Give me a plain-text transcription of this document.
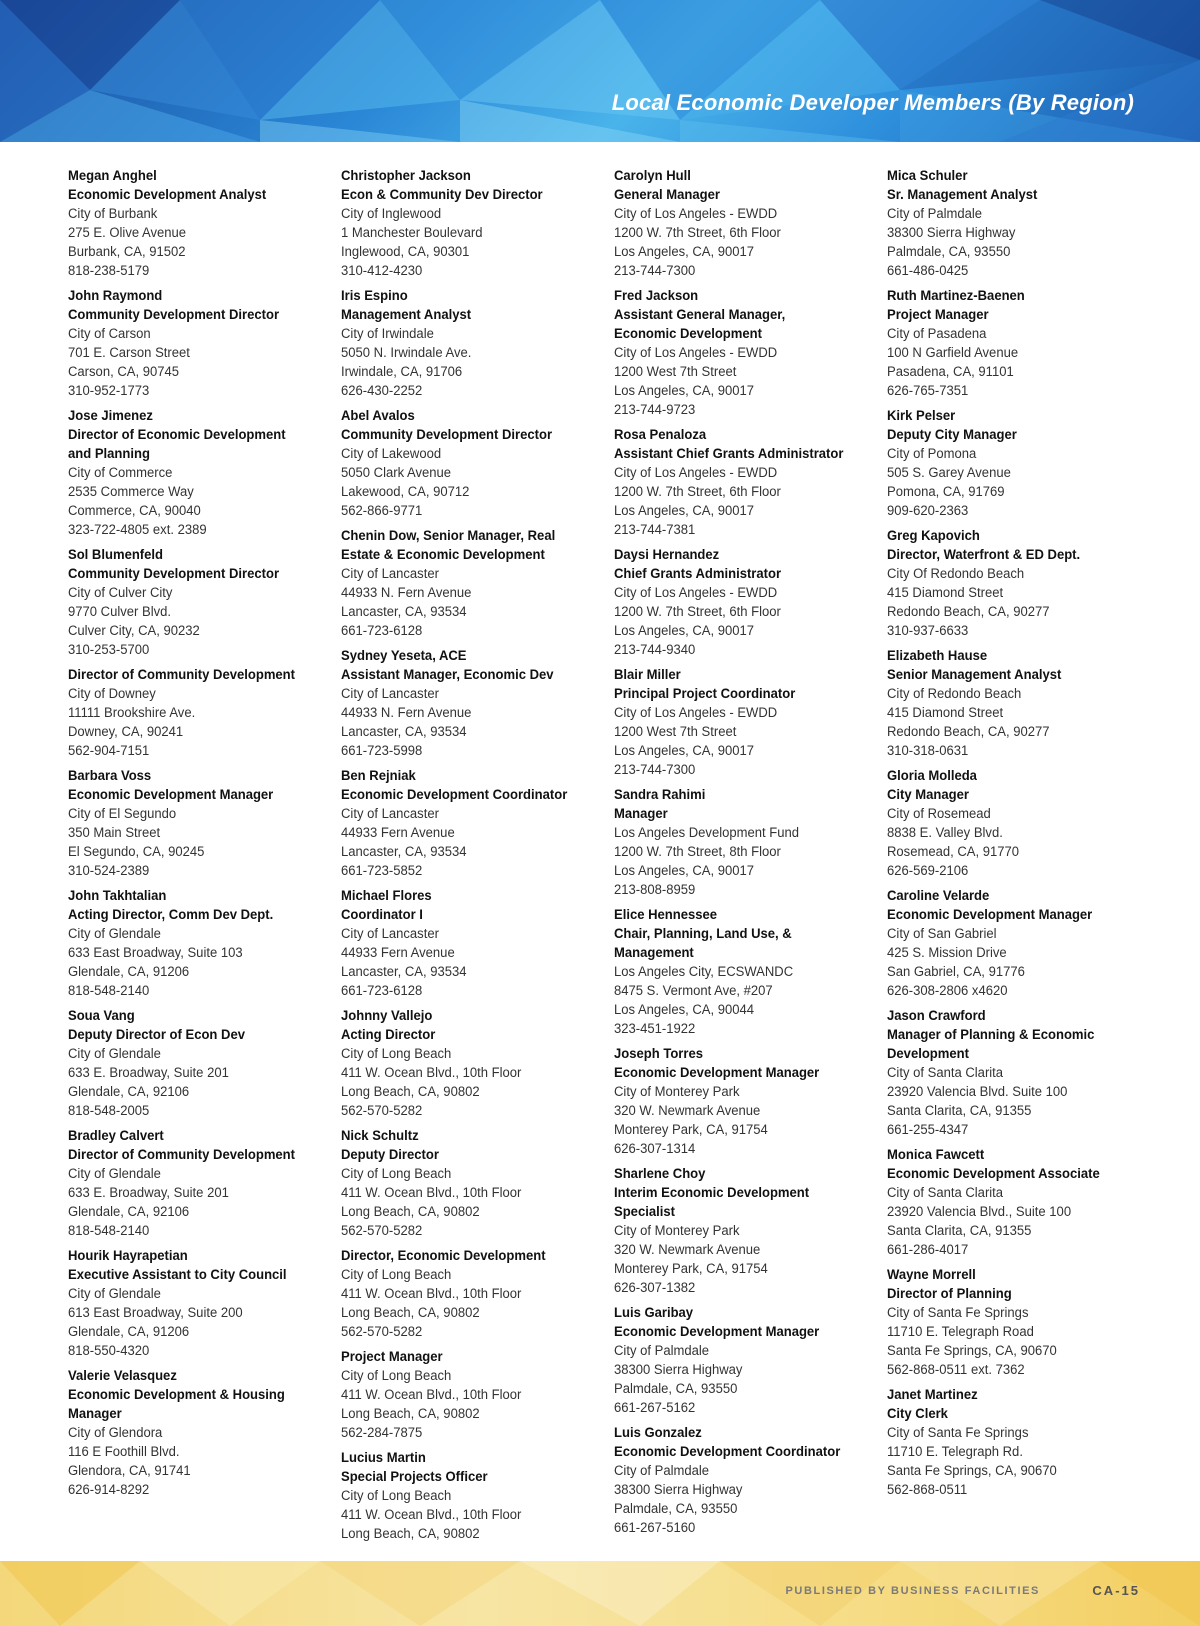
Local Economic Developer Members (By Region)
Megan Anghel
Economic Development Analyst
City of Burbank
275 E. Olive Avenue
Burbank, CA, 91502
818-238-5179
John Raymond
Community Development Director
City of Carson
701 E. Carson Street
Carson, CA, 90745
310-952-1773
Jose Jimenez
Director of Economic Development
and Planning
City of Commerce
2535 Commerce Way
Commerce, CA, 90040
323-722-4805 ext. 2389
Sol Blumenfeld
Community Development Director
City of Culver City
9770 Culver Blvd.
Culver City, CA, 90232
310-253-5700
Director of Community Development
City of Downey
11111 Brookshire Ave.
Downey, CA, 90241
562-904-7151
Barbara Voss
Economic Development Manager
City of El Segundo
350 Main Street
El Segundo, CA, 90245
310-524-2389
John Takhtalian
Acting Director, Comm Dev Dept.
City of Glendale
633 East Broadway, Suite 103
Glendale, CA, 91206
818-548-2140
Soua Vang
Deputy Director of Econ Dev
City of Glendale
633 E. Broadway, Suite 201
Glendale, CA, 92106
818-548-2005
Bradley Calvert
Director of Community Development
City of Glendale
633 E. Broadway, Suite 201
Glendale, CA, 92106
818-548-2140
Hourik Hayrapetian
Executive Assistant to City Council
City of Glendale
613 East Broadway, Suite 200
Glendale, CA, 91206
818-550-4320
Valerie Velasquez
Economic Development & Housing
Manager
City of Glendora
116 E Foothill Blvd.
Glendora, CA, 91741
626-914-8292
Christopher Jackson
Econ & Community Dev Director
City of Inglewood
1 Manchester Boulevard
Inglewood, CA, 90301
310-412-4230
Iris Espino
Management Analyst
City of Irwindale
5050 N. Irwindale Ave.
Irwindale, CA, 91706
626-430-2252
Abel Avalos
Community Development Director
City of Lakewood
5050 Clark Avenue
Lakewood, CA, 90712
562-866-9771
Chenin Dow, Senior Manager, Real
Estate & Economic Development
City of Lancaster
44933 N. Fern Avenue
Lancaster, CA, 93534
661-723-6128
Sydney Yeseta, ACE
Assistant Manager, Economic Dev
City of Lancaster
44933 N. Fern Avenue
Lancaster, CA, 93534
661-723-5998
Ben Rejniak
Economic Development Coordinator
City of Lancaster
44933 Fern Avenue
Lancaster, CA, 93534
661-723-5852
Michael Flores
Coordinator I
City of Lancaster
44933 Fern Avenue
Lancaster, CA, 93534
661-723-6128
Johnny Vallejo
Acting Director
City of Long Beach
411 W. Ocean Blvd., 10th Floor
Long Beach, CA, 90802
562-570-5282
Nick Schultz
Deputy Director
City of Long Beach
411 W. Ocean Blvd., 10th Floor
Long Beach, CA, 90802
562-570-5282
Director, Economic Development
City of Long Beach
411 W. Ocean Blvd., 10th Floor
Long Beach, CA, 90802
562-570-5282
Project Manager
City of Long Beach
411 W. Ocean Blvd., 10th Floor
Long Beach, CA, 90802
562-284-7875
Lucius Martin
Special Projects Officer
City of Long Beach
411 W. Ocean Blvd., 10th Floor
Long Beach, CA, 90802
Carolyn Hull
General Manager
City of Los Angeles - EWDD
1200 W. 7th Street, 6th Floor
Los Angeles, CA, 90017
213-744-7300
Fred Jackson
Assistant General Manager,
Economic Development
City of Los Angeles - EWDD
1200 West 7th Street
Los Angeles, CA, 90017
213-744-9723
Rosa Penaloza
Assistant Chief Grants Administrator
City of Los Angeles - EWDD
1200 W. 7th Street, 6th Floor
Los Angeles, CA, 90017
213-744-7381
Daysi Hernandez
Chief Grants Administrator
City of Los Angeles - EWDD
1200 W. 7th Street, 6th Floor
Los Angeles, CA, 90017
213-744-9340
Blair Miller
Principal Project Coordinator
City of Los Angeles - EWDD
1200 West 7th Street
Los Angeles, CA, 90017
213-744-7300
Sandra Rahimi
Manager
Los Angeles Development Fund
1200 W. 7th Street, 8th Floor
Los Angeles, CA, 90017
213-808-8959
Elice Hennessee
Chair, Planning, Land Use, &
Management
Los Angeles City, ECSWANDC
8475 S. Vermont Ave, #207
Los Angeles, CA, 90044
323-451-1922
Joseph Torres
Economic Development Manager
City of Monterey Park
320 W. Newmark Avenue
Monterey Park, CA, 91754
626-307-1314
Sharlene Choy
Interim Economic Development
Specialist
City of Monterey Park
320 W. Newmark Avenue
Monterey Park, CA, 91754
626-307-1382
Luis Garibay
Economic Development Manager
City of Palmdale
38300 Sierra Highway
Palmdale, CA, 93550
661-267-5162
Luis Gonzalez
Economic Development Coordinator
City of Palmdale
38300 Sierra Highway
Palmdale, CA, 93550
661-267-5160
Mica Schuler
Sr. Management Analyst
City of Palmdale
38300 Sierra Highway
Palmdale, CA, 93550
661-486-0425
Ruth Martinez-Baenen
Project Manager
City of Pasadena
100 N Garfield Avenue
Pasadena, CA, 91101
626-765-7351
Kirk Pelser
Deputy City Manager
City of Pomona
505 S. Garey Avenue
Pomona, CA, 91769
909-620-2363
Greg Kapovich
Director, Waterfront & ED Dept.
City Of Redondo Beach
415 Diamond Street
Redondo Beach, CA, 90277
310-937-6633
Elizabeth Hause
Senior Management Analyst
City of Redondo Beach
415 Diamond Street
Redondo Beach, CA, 90277
310-318-0631
Gloria Molleda
City Manager
City of Rosemead
8838 E. Valley Blvd.
Rosemead, CA, 91770
626-569-2106
Caroline Velarde
Economic Development Manager
City of San Gabriel
425 S. Mission Drive
San Gabriel, CA, 91776
626-308-2806 x4620
Jason Crawford
Manager of Planning & Economic
Development
City of Santa Clarita
23920 Valencia Blvd. Suite 100
Santa Clarita, CA, 91355
661-255-4347
Monica Fawcett
Economic Development Associate
City of Santa Clarita
23920 Valencia Blvd., Suite 100
Santa Clarita, CA, 91355
661-286-4017
Wayne Morrell
Director of Planning
City of Santa Fe Springs
11710 E. Telegraph Road
Santa Fe Springs, CA, 90670
562-868-0511 ext. 7362
Janet Martinez
City Clerk
City of Santa Fe Springs
11710 E. Telegraph Rd.
Santa Fe Springs, CA, 90670
562-868-0511
PUBLISHED BY BUSINESS FACILITIES	CA-15
